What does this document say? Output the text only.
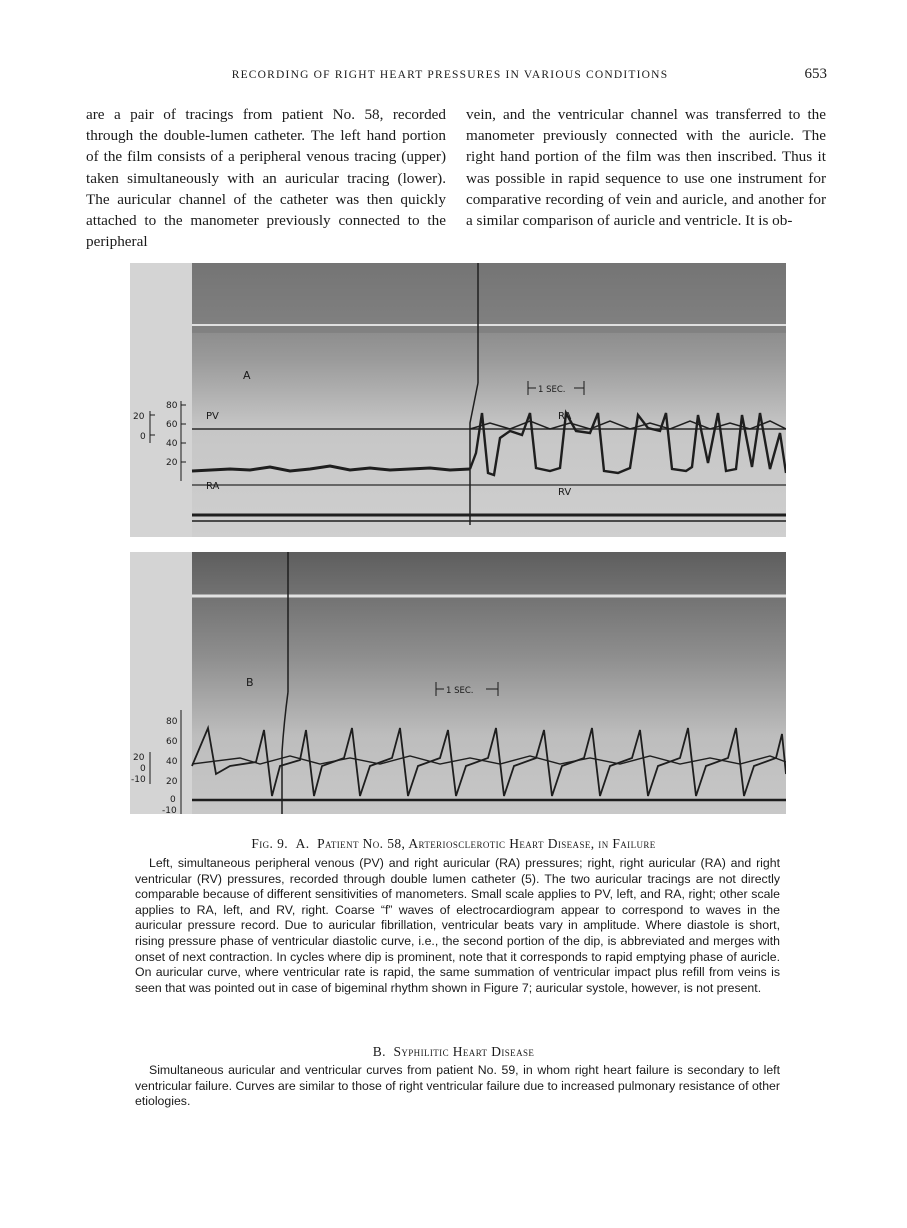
RECORDING OF RIGHT HEART PRESSURES IN VARIOUS CONDITIONS	653

are a pair of tracings from patient No. 58, recorded through the double-lumen catheter. The left hand portion of the film consists of a peripheral venous tracing (upper) taken simultaneously with an auricular tracing (lower). The auricular channel of the catheter was then quickly attached to the manometer previously connected to the peripheral

vein, and the ventricular channel was transferred to the manometer previously connected with the auricle. The right hand portion of the film was then inscribed. Thus it was possible in rapid sequence to use one instrument for comparative recording of vein and auricle, and another for a similar comparison of auricle and ventricle. It is ob-

A
PV
RA
RA
RV
1 SEC.
20
0
80
60
40
20
B
1 SEC.
20
0
-10
80
60
40
20
0
-10
Fig. 9. A. Patient No. 58, Arteriosclerotic Heart Disease, in Failure

Left, simultaneous peripheral venous (PV) and right auricular (RA) pressures; right, right auricular (RA) and right ventricular (RV) pressures, recorded through double lumen catheter (5). The two auricular tracings are not directly comparable because of different sensitivities of manometers. Small scale applies to PV, left, and RA, right; other scale applies to RA, left, and RV, right. Coarse “f” waves of electrocardiogram appear to correspond to waves in the auricular pressure record. Due to auricular fibrillation, ventricular beats vary in amplitude. Where diastole is short, rising pressure phase of ventricular diastolic curve, i.e., the second portion of the dip, is abbreviated and merges with onset of next contraction. In cycles where dip is prominent, note that it corresponds to rapid emptying phase of auricle. On auricular curve, where ventricular rate is rapid, the same summation of ventricular impact plus refill from veins is seen that was pointed out in case of bigeminal rhythm shown in Figure 7; auricular systole, however, is not present.

B. Syphilitic Heart Disease

Simultaneous auricular and ventricular curves from patient No. 59, in whom right heart failure is secondary to left ventricular failure. Curves are similar to those of right ventricular failure due to increased pulmonary resistance of other etiologies.
